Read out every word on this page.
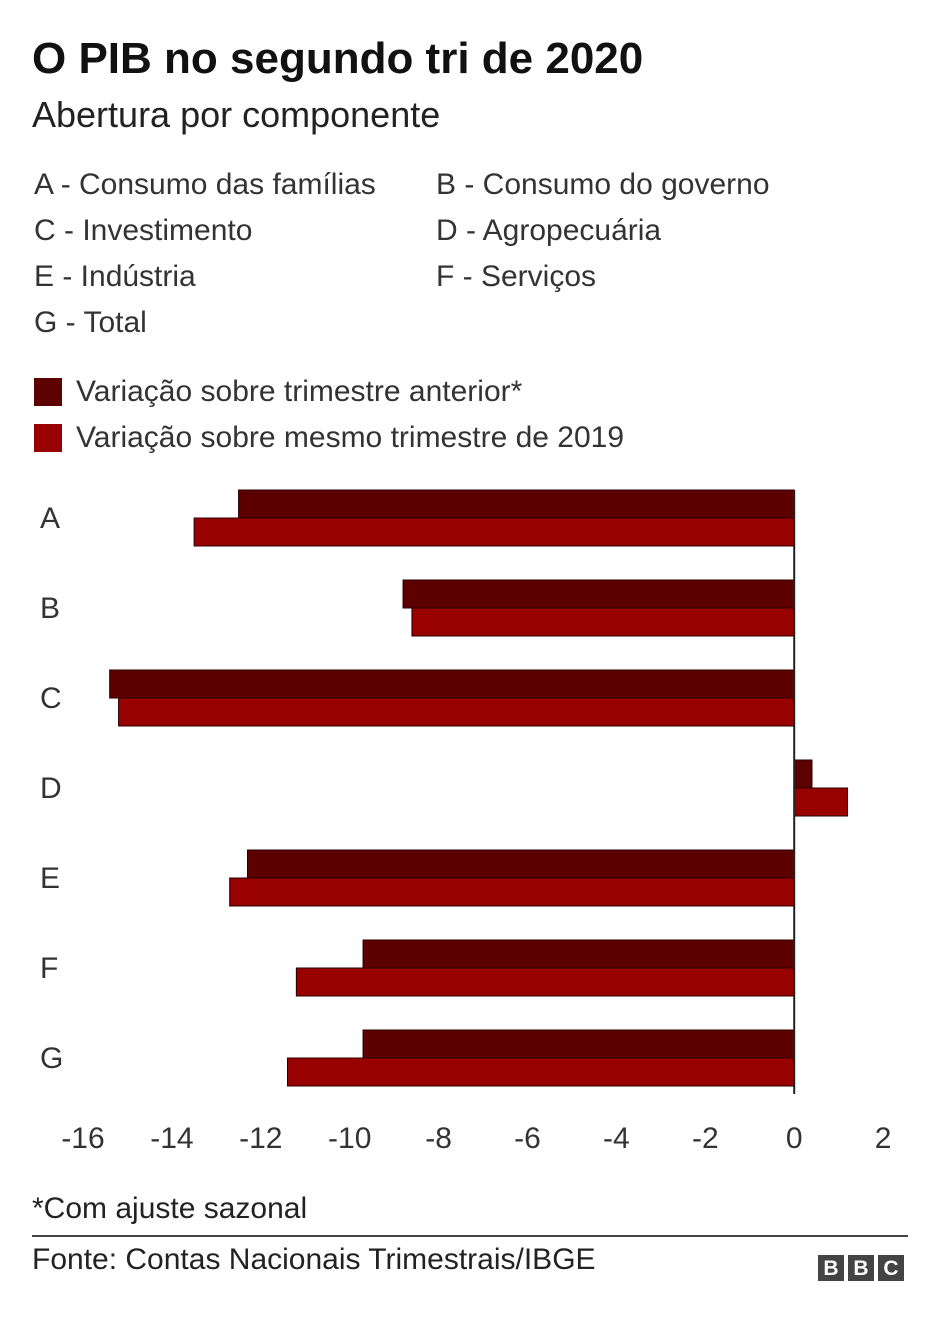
O PIB no segundo tri de 2020
Abertura por componente
A - Consumo das famílias B - Consumo do governo
C - Investimento	D - Agropecuária
E - Indústria	F - Serviços
G - Total
Variação sobre trimestre anterior*
Variação sobre mesmo trimestre de 2019
A
B
C
D
E
F
G
-16 -14 -12 -10 -8 -6 -4 -2 0 2
*Com ajuste sazonal
Fonte: Contas Nacionais Trimestrais/IBGE	B B C
